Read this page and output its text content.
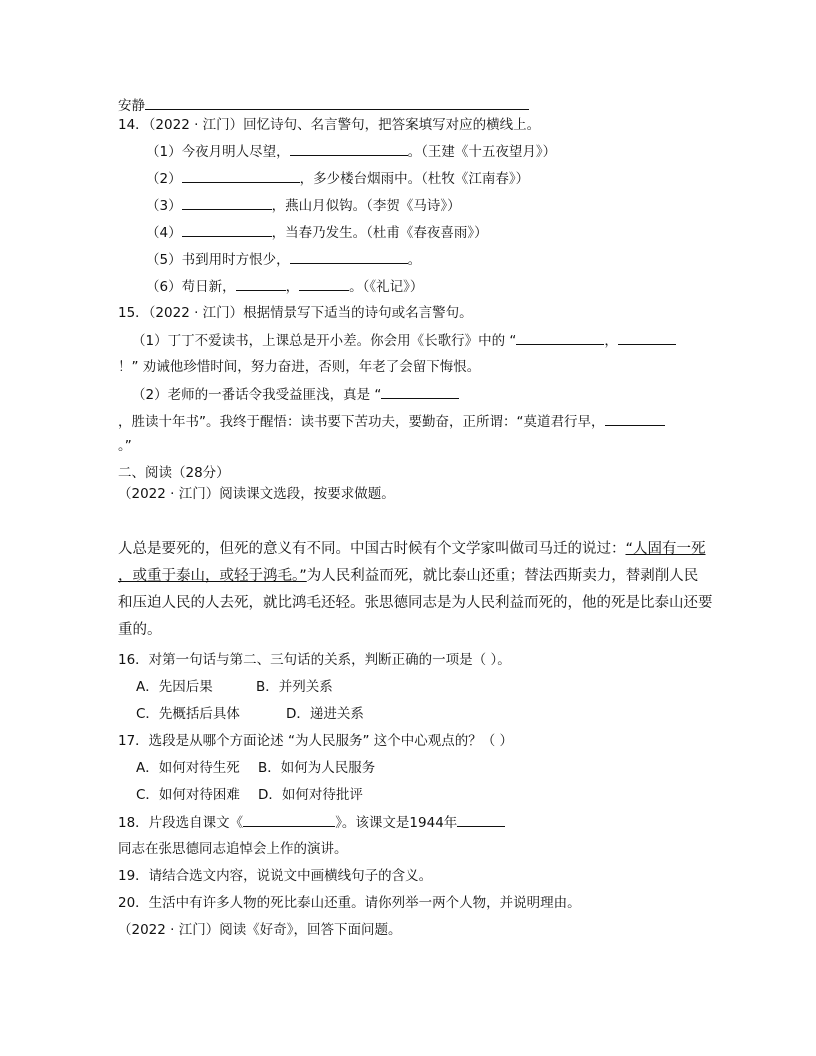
安静
14．（2022 · 江门）回忆诗句、名言警句，把答案填写对应的横线上。
（1）今夜月明人尽望，	。（王建《十五夜望月》）
（2）	，多少楼台烟雨中。（杜牧《江南春》）
（3）	，燕山月似钩。（李贺《马诗》）
（4）	，当春乃发生。（杜甫《春夜喜雨》）
（5）书到用时方恨少，	。
（6）苟日新，	，	。（《礼记》）
15．（2022 · 江门）根据情景写下适当的诗句或名言警句。
（1）丁丁不爱读书，上课总是开小差。你会用《长歌行》中的 “	，
！” 劝诫他珍惜时间，努力奋进，否则，年老了会留下悔恨。
（2）老师的一番话令我受益匪浅，真是 “
，胜读十年书”。我终于醒悟：读书要下苦功夫，要勤奋，正所谓：“莫道君行早，
。”
二、阅读（28分）
（2022 · 江门）阅读课文选段，按要求做题。
人总是要死的，但死的意义有不同。中国古时候有个文学家叫做司马迁的说过：“人固有一死
，或重于泰山，或轻于鸿毛。”为人民利益而死，就比泰山还重；替法西斯卖力，替剥削人民
和压迫人民的人去死，就比鸿毛还轻。张思德同志是为人民利益而死的，他的死是比泰山还要
重的。
16．对第一句话与第二、三句话的关系，判断正确的一项是（ ）。
A．先因后果	B．并列关系
C．先概括后具体	D．递进关系
17．选段是从哪个方面论述 “为人民服务” 这个中心观点的？（ ）
A．如何对待生死 B．如何为人民服务
C．如何对待困难 D．如何对待批评
18．片段选自课文《	》。该课文是1944年
同志在张思德同志追悼会上作的演讲。
19．请结合选文内容，说说文中画横线句子的含义。
20．生活中有许多人物的死比泰山还重。请你列举一两个人物，并说明理由。
（2022 · 江门）阅读《好奇》，回答下面问题。
